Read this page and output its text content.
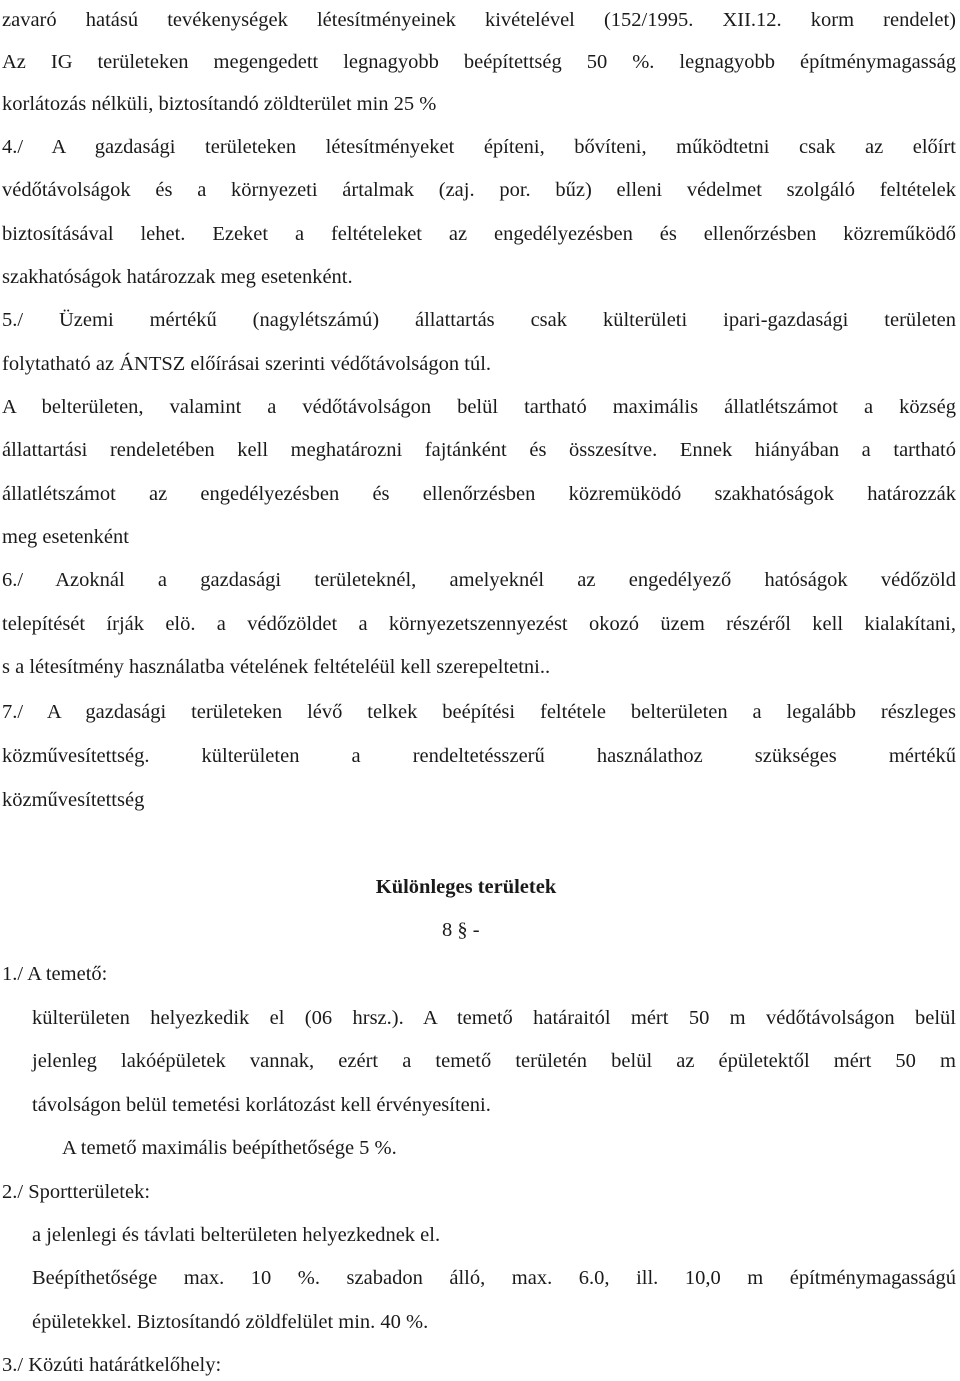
zavaró hatású tevékenységek létesítményeinek kivételével (152/1995. XII.12. korm rendelet)
Az IG területeken megengedett legnagyobb beépítettség 50 %. legnagyobb építménymagasság
korlátozás nélküli, biztosítandó zöldterület min 25 %
4./ A gazdasági területeken létesítményeket építeni, bővíteni, működtetni csak az előírt
védőtávolságok és a környezeti ártalmak (zaj. por. bűz) elleni védelmet szolgáló feltételek
biztosításával lehet. Ezeket a feltételeket az engedélyezésben és ellenőrzésben közreműködő
szakhatóságok határozzak meg esetenként.
5./ Üzemi mértékű (nagylétszámú) állattartás csak külterületi ipari-gazdasági területen
folytatható az ÁNTSZ előírásai szerinti védőtávolságon túl.
A belterületen, valamint a védőtávolságon belül tartható maximális állatlétszámot a község
állattartási rendeletében kell meghatározni fajtánként és összesítve. Ennek hiányában a tartható
állatlétszámot az engedélyezésben és ellenőrzésben közremüködó szakhatóságok határozzák
meg esetenként
6./ Azoknál a gazdasági területeknél, amelyeknél az engedélyező hatóságok védőzöld
telepítését írják elö. a védőzöldet a környezetszennyezést okozó üzem részéről kell kialakítani,
s a létesítmény használatba vételének feltételéül kell szerepeltetni..
7./ A gazdasági területeken lévő telkek beépítési feltétele belterületen a legalább részleges
közművesítettség. külterületen a rendeltetésszerű használathoz szükséges mértékű
közművesítettség
Különleges területek
8 § -
1./ A temető:
külterületen helyezkedik el (06 hrsz.). A temető határaitól mért 50 m védőtávolságon belül
jelenleg lakóépületek vannak, ezért a temető területén belül az épületektől mért 50 m
távolságon belül temetési korlátozást kell érvényesíteni.
A temető maximális beépíthetősége 5 %.
2./ Sportterületek:
a jelenlegi és távlati belterületen helyezkednek el.
Beépíthetősége max. 10 %. szabadon álló, max. 6.0, ill. 10,0 m építménymagasságú
épületekkel. Biztosítandó zöldfelület min. 40 %.
3./ Közúti határátkelőhely:
